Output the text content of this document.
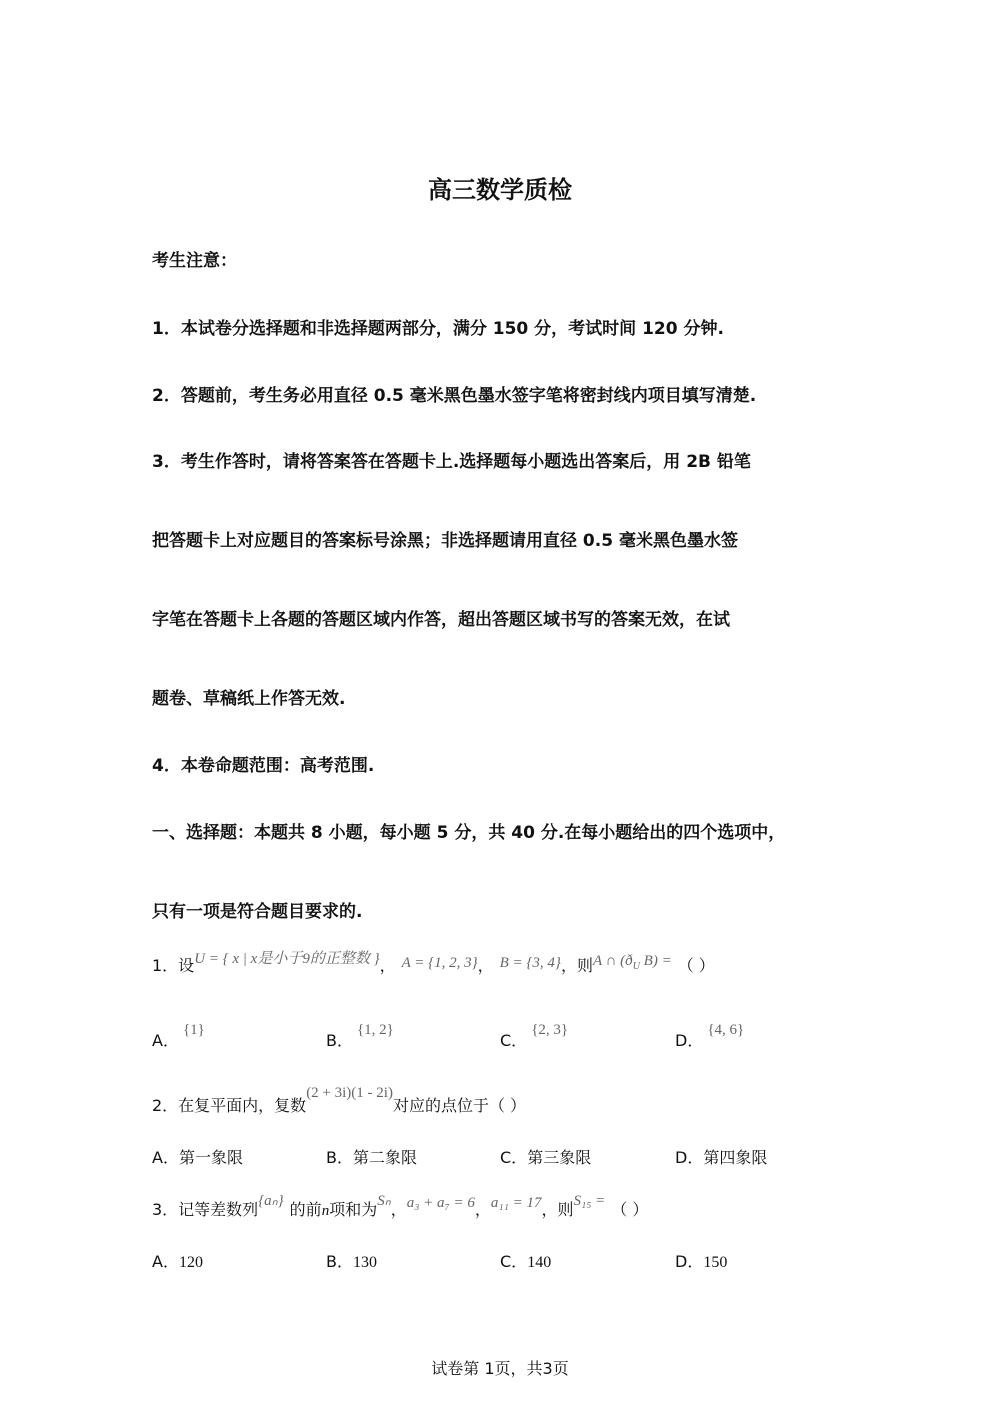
高三数学质检
考生注意：
1．本试卷分选择题和非选择题两部分，满分 150 分，考试时间 120 分钟.
2．答题前，考生务必用直径 0.5 毫米黑色墨水签字笔将密封线内项目填写清楚.
3．考生作答时，请将答案答在答题卡上.选择题每小题选出答案后，用 2B 铅笔
把答题卡上对应题目的答案标号涂黑；非选择题请用直径 0.5 毫米黑色墨水签
字笔在答题卡上各题的答题区域内作答，超出答题区域书写的答案无效，在试
题卷、草稿纸上作答无效.
4．本卷命题范围：高考范围.
一、选择题：本题共 8 小题，每小题 5 分，共 40 分.在每小题给出的四个选项中，
只有一项是符合题目要求的.
1．设U = { x | x是小于9的正整数 }， A = {1, 2, 3}， B = {3, 4}，则A ∩ ($ð_U$ B) = （ ）
A．{1}
B．{1, 2}
C．{2, 3}
D．{4, 6}
2．在复平面内，复数(2 + 3i)(1 - 2i)对应的点位于（ ）
A．第一象限	B．第二象限	C．第三象限	D．第四象限
3．记等差数列{aₙ} 的前n项和为Sₙ，a₃ + a₇ = 6，a₁₁ = 17，则S₁₅ = （ ）
A．120	B．130	C．140	D．150
试卷第 1页，共3页
